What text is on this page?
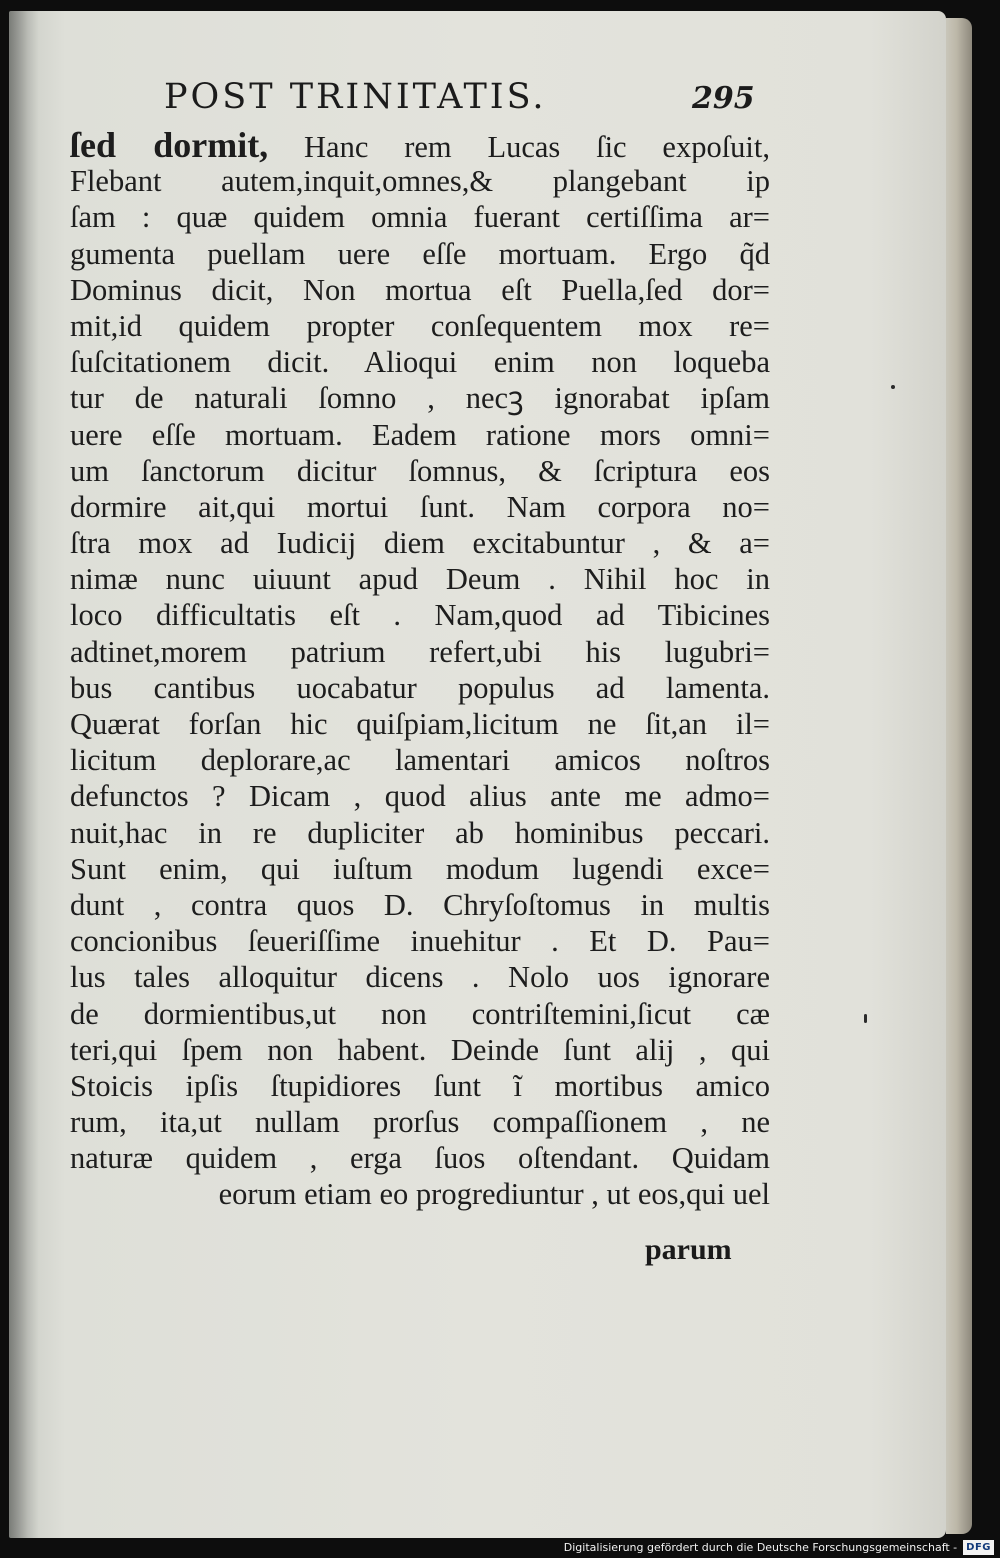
POST TRINITATIS.	295
ſed dormit, Hanc rem Lucas ſic expoſuit,
Flebant autem,inquit,omnes,& plangebant ip
ſam : quæ quidem omnia fuerant certiſſima ar=
gumenta puellam uere eſſe mortuam. Ergo q̃d
Dominus dicit, Non mortua eſt Puella,ſed dor=
mit,id quidem propter conſequentem mox re=
ſuſcitationem dicit. Alioqui enim non loqueba
tur de naturali ſomno , necꝫ ignorabat ipſam
uere eſſe mortuam. Eadem ratione mors omni=
um ſanctorum dicitur ſomnus, & ſcriptura eos
dormire ait,qui mortui ſunt. Nam corpora no=
ſtra mox ad Iudicij diem excitabuntur , & a=
nimæ nunc uiuunt apud Deum . Nihil hoc in
loco difficultatis eſt . Nam,quod ad Tibicines
adtinet,morem patrium refert,ubi his lugubri=
bus cantibus uocabatur populus ad lamenta.
Quærat forſan hic quiſpiam,licitum ne ſit,an il=
licitum deplorare,ac lamentari amicos noſtros
defunctos ? Dicam , quod alius ante me admo=
nuit,hac in re dupliciter ab hominibus peccari.
Sunt enim, qui iuſtum modum lugendi exce=
dunt , contra quos D. Chryſoſtomus in multis
concionibus ſeueriſſime inuehitur . Et D. Pau=
lus tales alloquitur dicens . Nolo uos ignorare
de dormientibus,ut non contriſtemini,ſicut cæ
teri,qui ſpem non habent. Deinde ſunt alij , qui
Stoicis ipſis ſtupidiores ſunt ĩ mortibus amico
rum, ita,ut nullam prorſus compaſſionem , ne
naturæ quidem , erga ſuos oſtendant. Quidam
eorum etiam eo progrediuntur , ut eos,qui uel
parum
Digitalisierung gefördert durch die Deutsche Forschungsgemeinschaft - DFG
